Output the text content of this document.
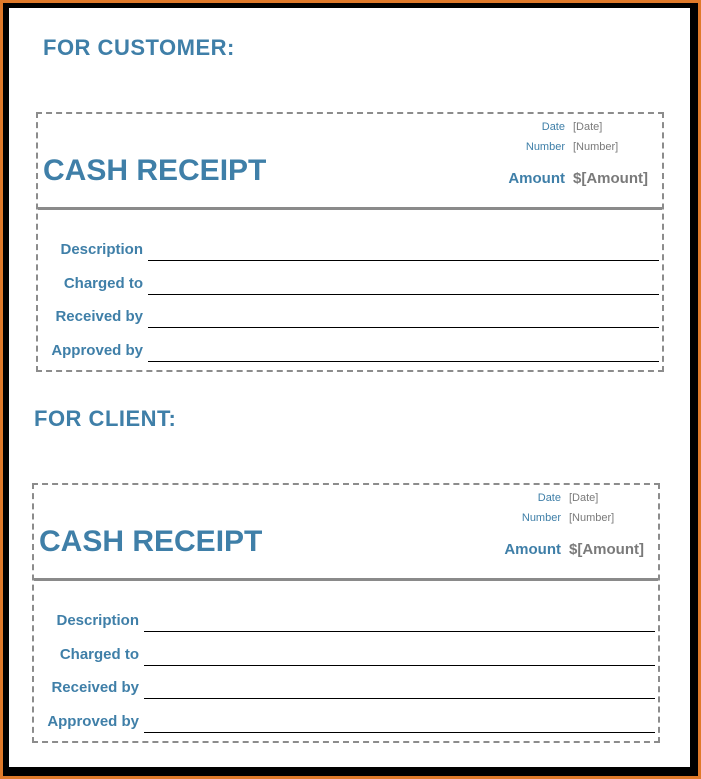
FOR CUSTOMER:
CASH RECEIPT
Date [Date]
Number [Number]
Amount $[Amount]
Description
Charged to
Received by
Approved by
FOR CLIENT:
CASH RECEIPT
Date [Date]
Number [Number]
Amount $[Amount]
Description
Charged to
Received by
Approved by
